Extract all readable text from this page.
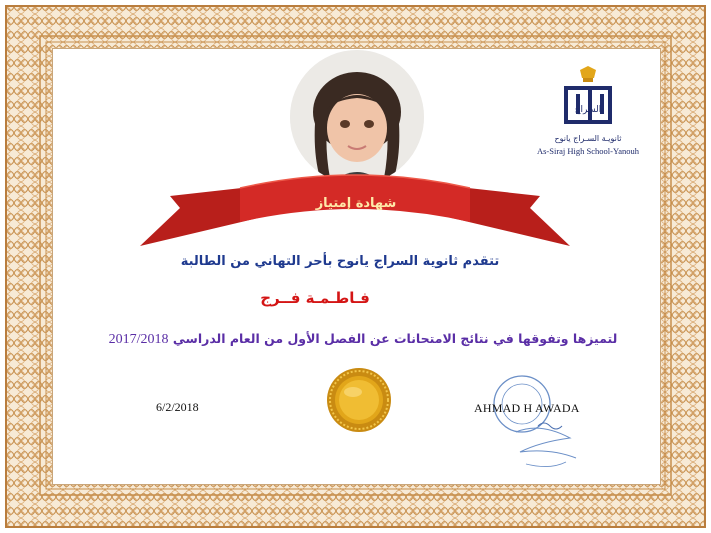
السراج
ثانويـة السـراج يانوح
As-Siraj High School-Yanouh
شهادة إمتياز
تتقدم ثانوية السراج يانوح بأحر التهاني من الطالبة
فـاطـمـة فــرج
لتميزها وتفوقها في نتائج الامتحانات عن الفصل الأول من العام الدراسي 2017/2018
6/2/2018	AHMAD H AWADA
